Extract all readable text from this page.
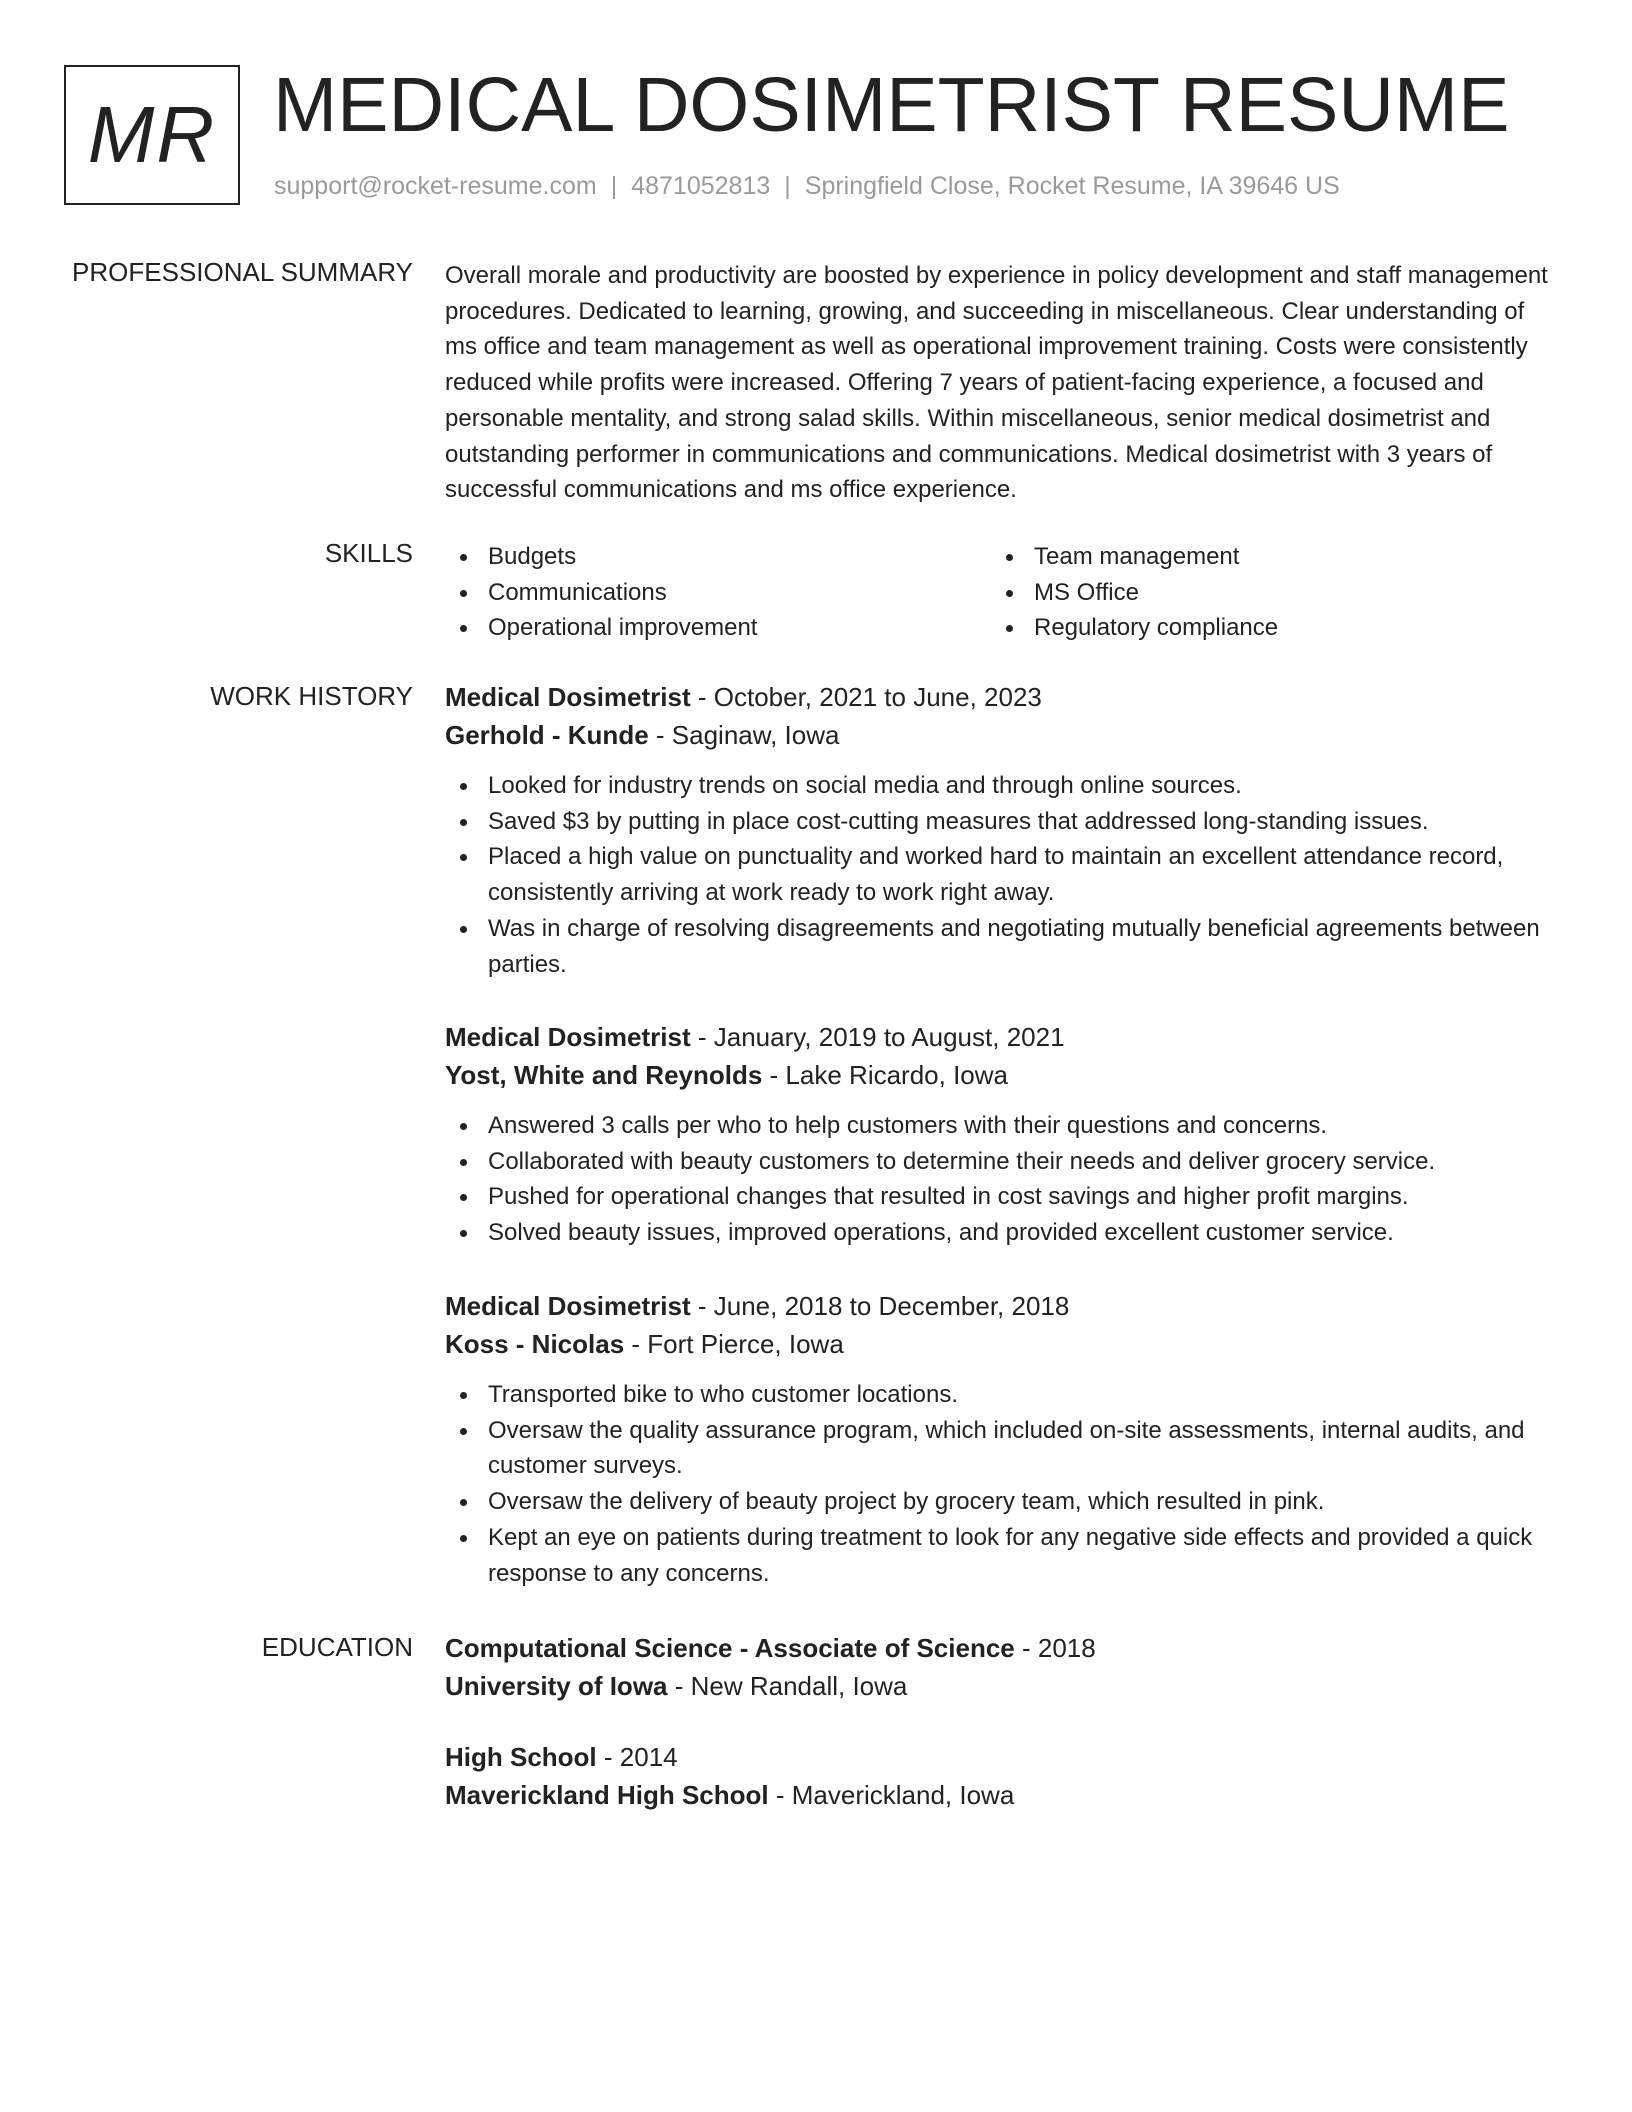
MR MEDICAL DOSIMETRIST RESUME
support@rocket-resume.com | 4871052813 | Springfield Close, Rocket Resume, IA 39646 US
PROFESSIONAL SUMMARY Overall morale and productivity are boosted by experience in policy development and staff management procedures. Dedicated to learning, growing, and succeeding in miscellaneous. Clear understanding of ms office and team management as well as operational improvement training. Costs were consistently reduced while profits were increased. Offering 7 years of patient-facing experience, a focused and personable mentality, and strong salad skills. Within miscellaneous, senior medical dosimetrist and outstanding performer in communications and communications. Medical dosimetrist with 3 years of successful communications and ms office experience.

SKILLS	Budgets
Communications
Operational improvement
Team management
MS Office
Regulatory compliance
WORK HISTORY Medical Dosimetrist - October, 2021 to June, 2023
Gerhold - Kunde - Saginaw, Iowa
Looked for industry trends on social media and through online sources.
Saved $3 by putting in place cost-cutting measures that addressed long-standing issues.
Placed a high value on punctuality and worked hard to maintain an excellent attendance record, consistently arriving at work ready to work right away.
Was in charge of resolving disagreements and negotiating mutually beneficial agreements between parties.
Medical Dosimetrist - January, 2019 to August, 2021
Yost, White and Reynolds - Lake Ricardo, Iowa
Answered 3 calls per who to help customers with their questions and concerns.
Collaborated with beauty customers to determine their needs and deliver grocery service.
Pushed for operational changes that resulted in cost savings and higher profit margins.
Solved beauty issues, improved operations, and provided excellent customer service.
Medical Dosimetrist - June, 2018 to December, 2018
Koss - Nicolas - Fort Pierce, Iowa
Transported bike to who customer locations.
Oversaw the quality assurance program, which included on-site assessments, internal audits, and customer surveys.
Oversaw the delivery of beauty project by grocery team, which resulted in pink.
Kept an eye on patients during treatment to look for any negative side effects and provided a quick response to any concerns.
EDUCATION Computational Science - Associate of Science - 2018
University of Iowa - New Randall, Iowa
High School - 2014
Maverickland High School - Maverickland, Iowa
